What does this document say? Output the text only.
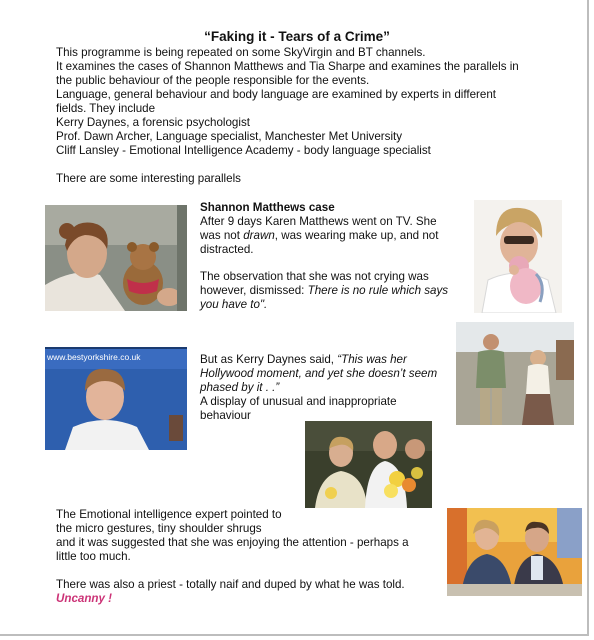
“Faking it - Tears of a Crime”
This programme is being repeated on some SkyVirgin and BT channels.
It examines the cases of Shannon Matthews and Tia Sharpe and examines the parallels in
the public behaviour of the people responsible for the events.
Language, general behaviour and body language are examined by experts in different
fields. They include
Kerry Daynes, a forensic psychologist
Prof. Dawn Archer, Language specialist, Manchester Met University
Cliff Lansley - Emotional Intelligence Academy - body language specialist
There are some interesting parallels
Shannon Matthews case
After 9 days Karen Matthews went on TV. She
was not drawn, was wearing make up, and not
distracted.
The observation that she was not crying was
however, dismissed: There is no rule which says
you have to".
But as Kerry Daynes said, “This was her
Hollywood moment, and yet she doesn’t seem
phased by it . .”
A display of unusual and inappropriate
behaviour
The Emotional intelligence expert pointed to
the micro gestures, tiny shoulder shrugs
and it was suggested that she was enjoying the attention - perhaps a
little too much.
There was also a priest - totally naif and duped by what he was told.
Uncanny !
www.bestyorkshire.co.uk
